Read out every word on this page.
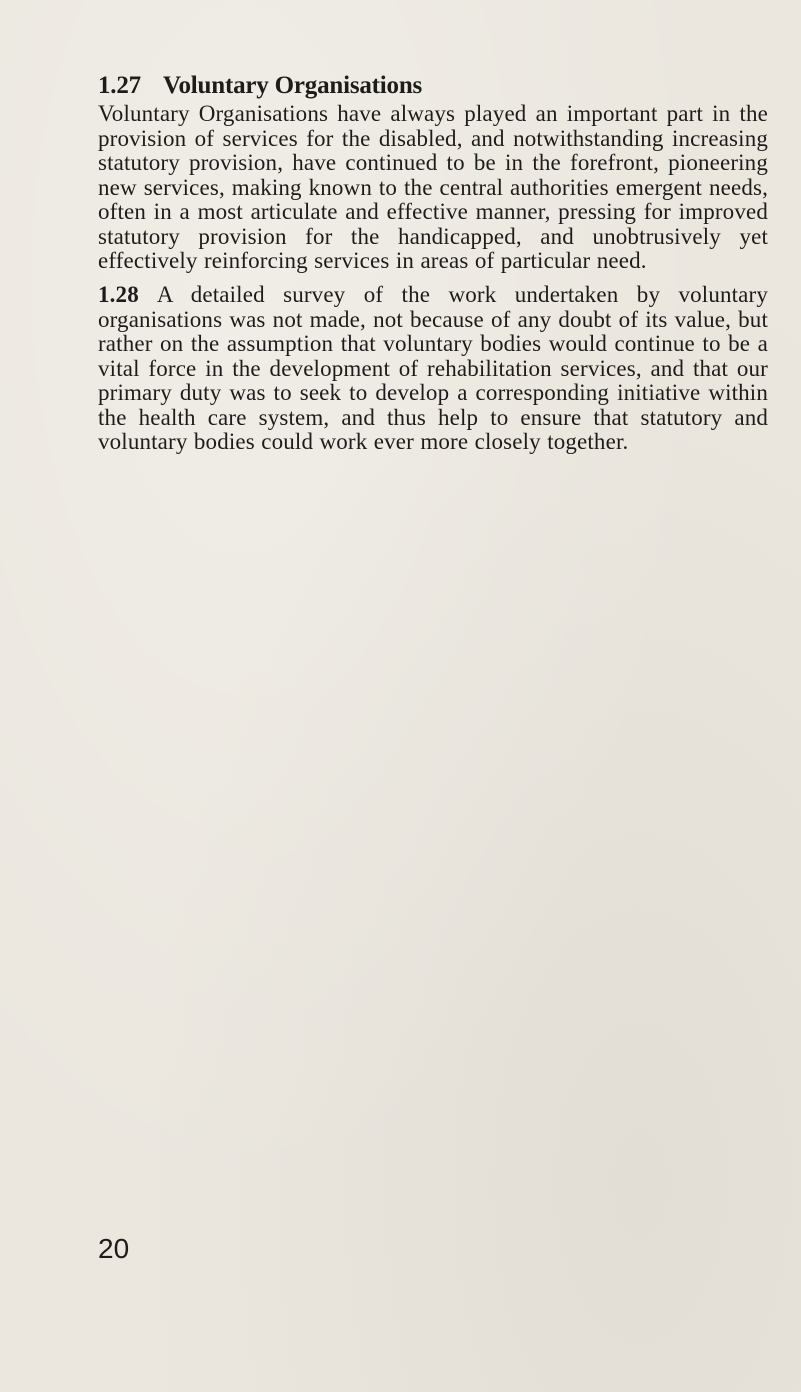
1.27 Voluntary Organisations

Voluntary Organisations have always played an important part in the provision of services for the disabled, and notwithstanding increasing statutory provision, have continued to be in the forefront, pioneering new services, making known to the central authorities emergent needs, often in a most articulate and effective manner, pressing for improved statutory provision for the handicapped, and unobtrusively yet effectively reinforcing services in areas of particular need.

1.28 A detailed survey of the work undertaken by voluntary organisations was not made, not because of any doubt of its value, but rather on the assumption that voluntary bodies would continue to be a vital force in the development of rehabilitation services, and that our primary duty was to seek to develop a corresponding initiative within the health care system, and thus help to ensure that statutory and voluntary bodies could work ever more closely together.

20
